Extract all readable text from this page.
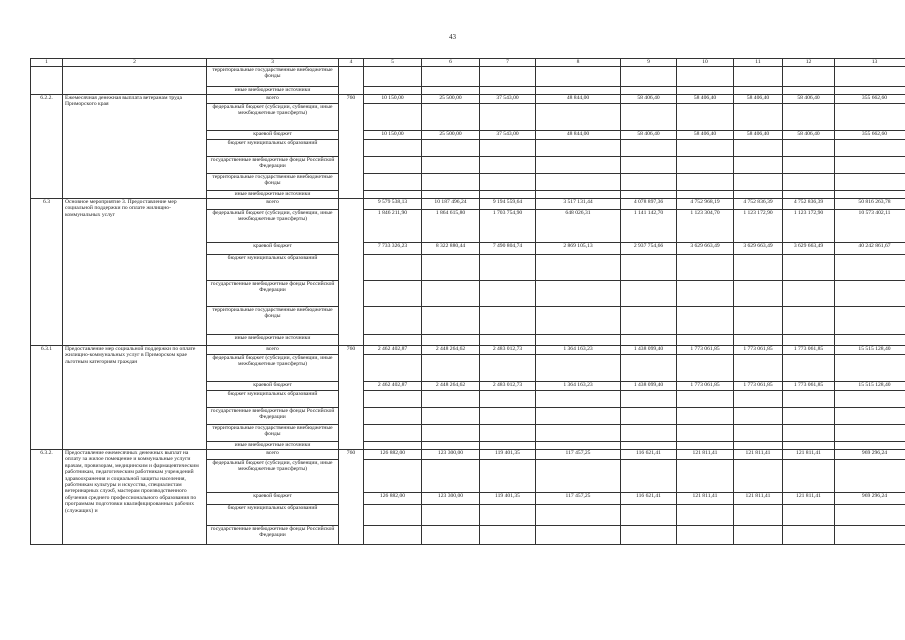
43
1	2	3	4	5	6	7	8	9	10	11	12	13
		территориальные государственные внебюджетные фонды										
		иные внебюджетные источники										
6.2.2.	Ежемесячная денежная выплата ветеранам труда Приморского края	всего	760	10 150,00	25 500,00	37 543,00	48 844,00	58 406,40	58 406,40	58 406,40	58 406,40	355 662,60
		федеральный бюджет (субсидии, субвенции, иные межбюджетные трансферты)										
		краевой бюджет		10 150,00	25 500,00	37 543,00	48 844,00	58 406,40	58 406,40	58 406,40	58 406,40	355 662,60
		бюджет муниципальных образований										
		государственные внебюджетные фонды Российской Федерации										
		территориальные государственные внебюджетные фонды										
		иные внебюджетные источники										
6.3	Основное мероприятие 3. Предоставление мер социальной поддержки по оплате жилищно-коммунальных услуг	всего		9 579 538,13	10 187 496,24	9 194 559,64	3 517 131,44	4 078 897,36	4 752 968,19	4 752 836,39	4 752 836,39	50 816 263,78
		федеральный бюджет (субсидии, субвенции, иные межбюджетные трансферты)		1 846 211,90	1 864 615,80	1 703 754,90	648 026,31	1 141 142,70	1 123 304,70	1 123 172,90	1 123 172,90	10 573 402,11
		краевой бюджет		7 733 326,23	8 322 880,44	7 490 804,74	2 869 105,13	2 937 754,66	3 629 663,49	3 629 663,49	3 629 663,49	40 242 861,67
		бюджет муниципальных образований										
		государственные внебюджетные фонды Российской Федерации										
		территориальные государственные внебюджетные фонды										
		иные внебюджетные источники										
6.3.1	Предоставление мер социальной поддержки по оплате жилищно-коммунальных услуг в Приморском крае льготным категориям граждан	всего	760	2 462 402,87	2 448 264,62	2 483 012,73	1 364 163,23	1 438 099,40	1 773 061,85	1 773 061,85	1 773 061,85	15 515 128,40
		федеральный бюджет (субсидии, субвенции, иные межбюджетные трансферты)										
		краевой бюджет		2 462 402,87	2 448 264,62	2 483 012,73	1 364 163,23	1 438 099,40	1 773 061,85	1 773 061,85	1 773 061,85	15 515 128,40
		бюджет муниципальных образований										
		государственные внебюджетные фонды Российской Федерации										
		территориальные государственные внебюджетные фонды										
		иные внебюджетные источники										
6.3.2.	Предоставление ежемесячных денежных выплат на оплату за жилое помещение и коммунальные услуги врачам, провизорам, медицинским и фармацевтическим работникам, педагогическим работникам учреждений здравоохранения и социальной защиты населения, работникам культуры и искусства, специалистам ветеринарных служб, мастерам производственного обучения среднего профессионального образования по программам подготовки квалифицированных рабочих (служащих) и	всего	760	126 882,00	123 300,00	119 401,35	117 457,25	116 621,41	121 811,41	121 811,41	121 811,41	969 296,24
		федеральный бюджет (субсидии, субвенции, иные межбюджетные трансферты)										
		краевой бюджет		126 882,00	123 300,00	119 401,35	117 457,25	116 621,41	121 811,41	121 811,41	121 811,41	969 296,24
		бюджет муниципальных образований										
		государственные внебюджетные фонды Российской Федерации										
